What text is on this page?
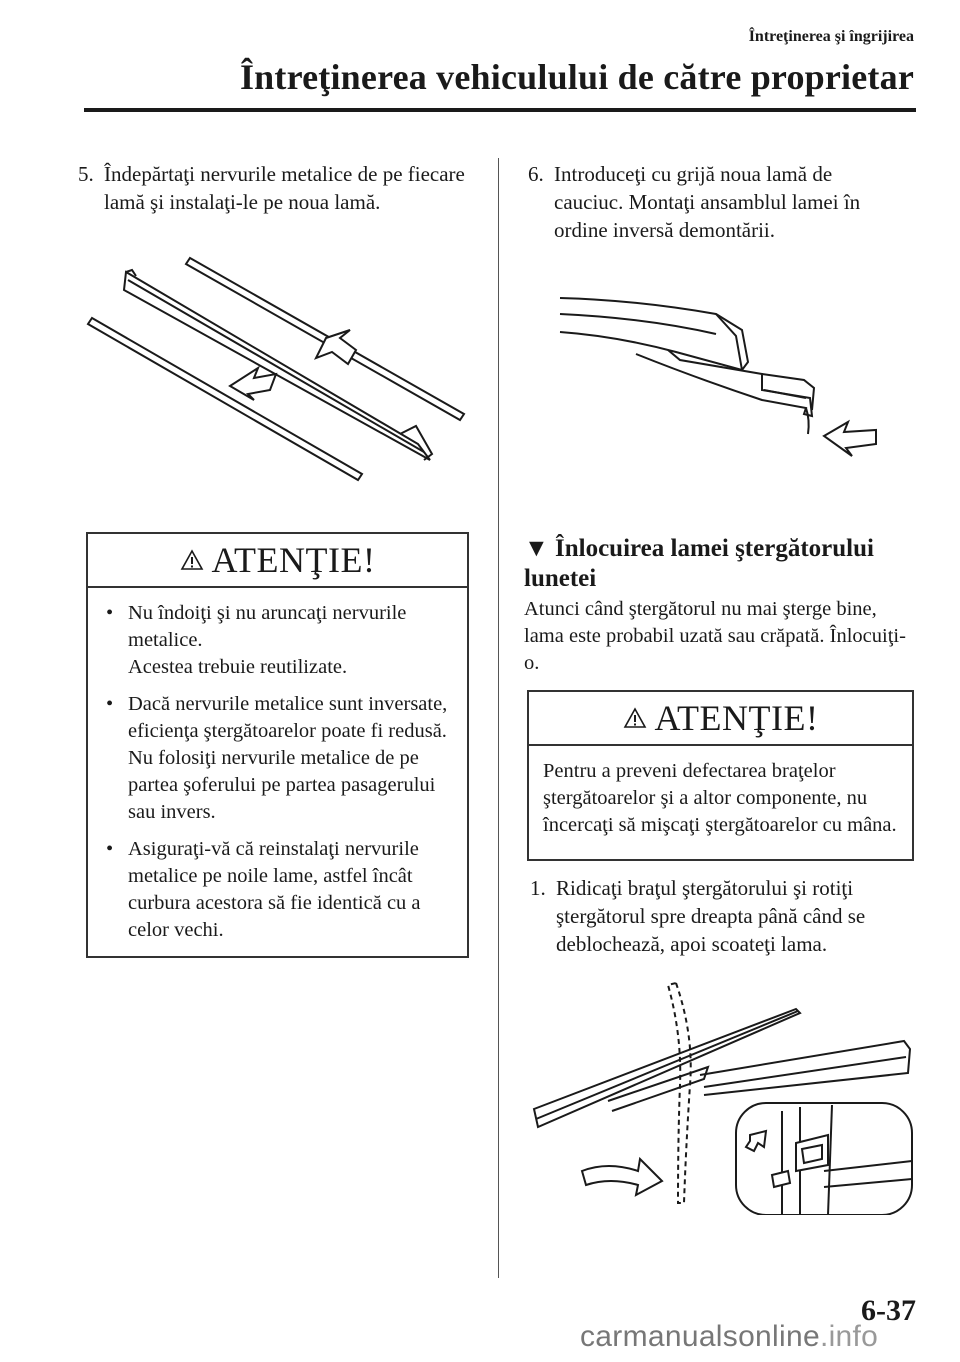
Întreţinerea şi îngrijirea
Întreţinerea vehiculului de către proprietar
5. Îndepărtaţi nervurile metalice de pe fiecare lamă şi instalaţi-le pe noua lamă.
ATENŢIE!
• Nu îndoiţi şi nu aruncaţi nervurile metalice.
Acestea trebuie reutilizate.
• Dacă nervurile metalice sunt inversate, eficienţa ştergătoarelor poate fi redusă.
Nu folosiţi nervurile metalice de pe partea şoferului pe partea pasagerului sau invers.
• Asiguraţi-vă că reinstalaţi nervurile metalice pe noile lame, astfel încât curbura acestora să fie identică cu a celor vechi.
6. Introduceţi cu grijă noua lamă de cauciuc. Montaţi ansamblul lamei în ordine inversă demontării.
▼ Înlocuirea lamei ştergătorului lunetei
Atunci când ştergătorul nu mai şterge bine, lama este probabil uzată sau crăpată. Înlocuiţi-o.
ATENŢIE!
Pentru a preveni defectarea braţelor ştergătoarelor şi a altor componente, nu încercaţi să mişcaţi ştergătoarelor cu mâna.
1. Ridicaţi braţul ştergătorului şi rotiţi ştergătorul spre dreapta până când se deblochează, apoi scoateţi lama.
6-37
carmanualsonline.info
